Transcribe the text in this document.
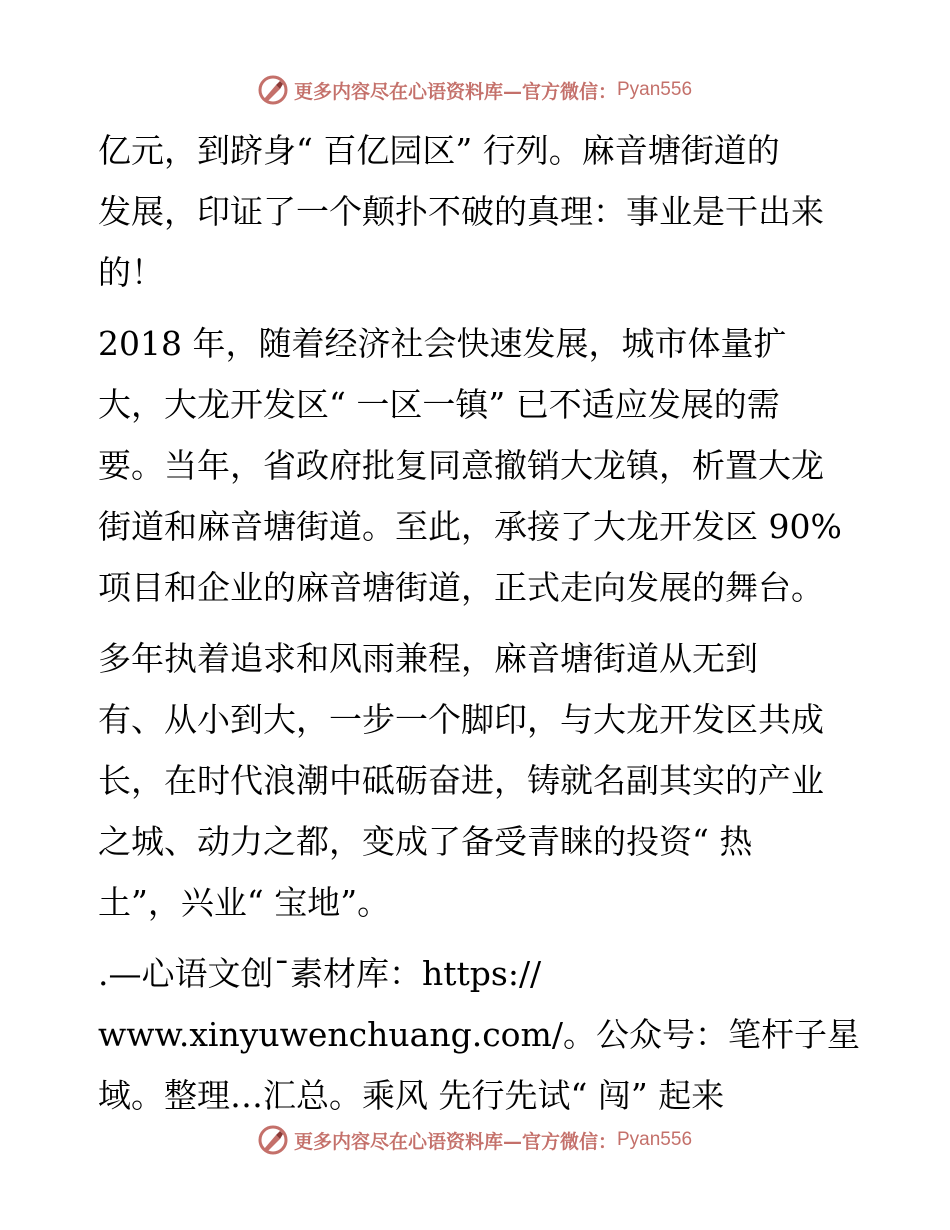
更多内容尽在心语资料库—官方微信： Pyan556
亿元，到跻身“ 百亿园区” 行列。麻音塘街道的
发展，印证了一个颠扑不破的真理：事业是干出来
的！
2018 年，随着经济社会快速发展，城市体量扩
大，大龙开发区“ 一区一镇” 已不适应发展的需
要。当年，省政府批复同意撤销大龙镇，析置大龙
街道和麻音塘街道。至此，承接了大龙开发区 90%
项目和企业的麻音塘街道，正式走向发展的舞台。
多年执着追求和风雨兼程，麻音塘街道从无到
有、从小到大，一步一个脚印，与大龙开发区共成
长，在时代浪潮中砥砺奋进，铸就名副其实的产业
之城、动力之都，变成了备受青睐的投资“ 热
土”，兴业“ 宝地”。
.—心语文创¯素材库：https://
www.xinyuwenchuang.com/。公众号：笔杆子星
域。整理…汇总。乘风 先行先试“ 闯” 起来
更多内容尽在心语资料库—官方微信： Pyan556
